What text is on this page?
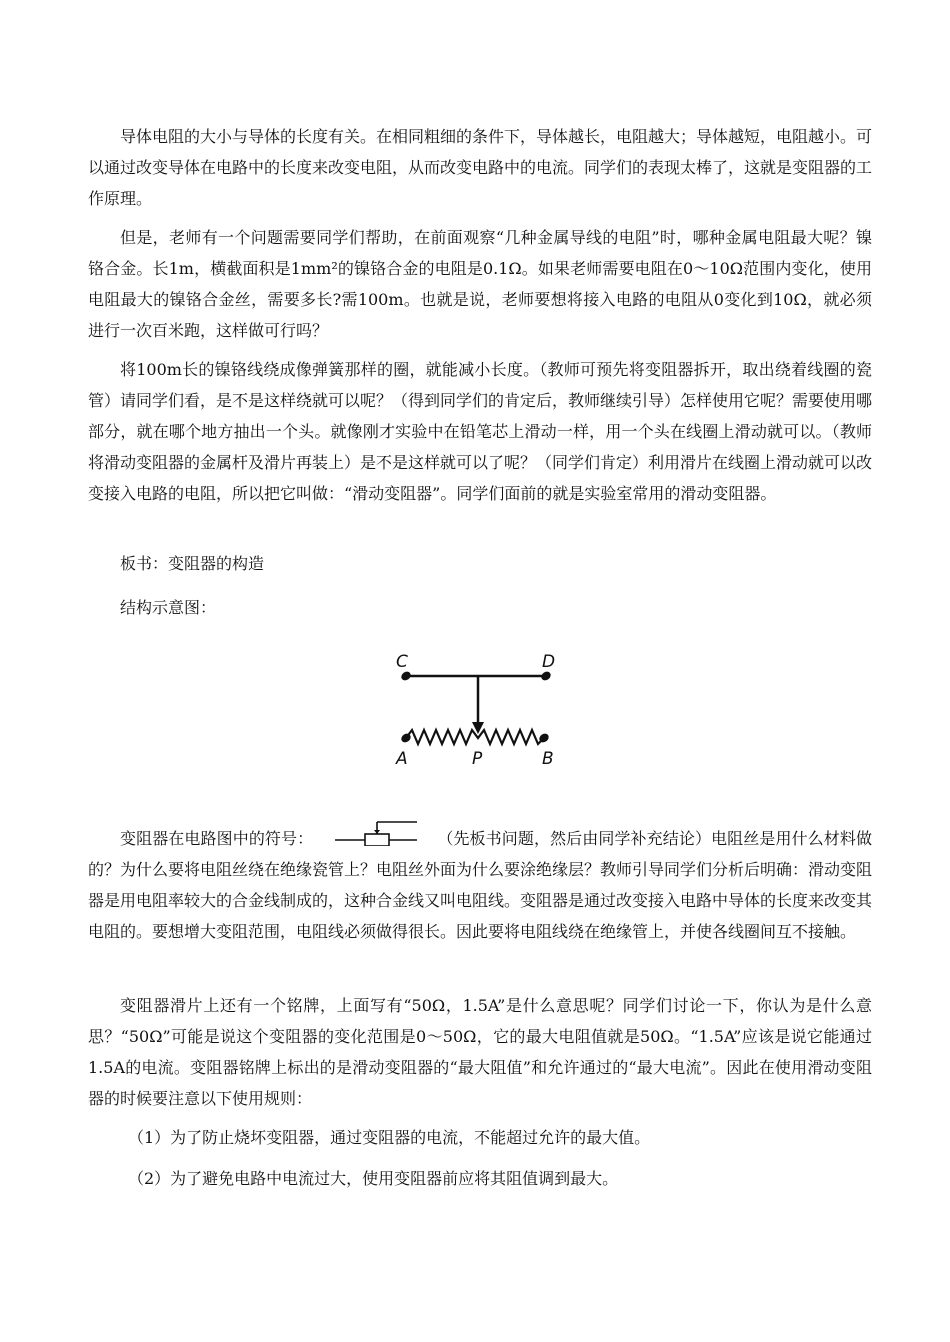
导体电阻的大小与导体的长度有关。在相同粗细的条件下，导体越长，电阻越大；导体越短，电阻越小。可以通过改变导体在电路中的长度来改变电阻，从而改变电路中的电流。同学们的表现太棒了，这就是变阻器的工作原理。

但是，老师有一个问题需要同学们帮助，在前面观察“几种金属导线的电阻”时，哪种金属电阻最大呢？镍铬合金。长1m，横截面积是1mm²的镍铬合金的电阻是0.1Ω。如果老师需要电阻在0～10Ω范围内变化，使用电阻最大的镍铬合金丝，需要多长?需100m。也就是说，老师要想将接入电路的电阻从0变化到10Ω，就必须进行一次百米跑，这样做可行吗？

将100m长的镍铬线绕成像弹簧那样的圈，就能减小长度。（教师可预先将变阻器拆开，取出绕着线圈的瓷管）请同学们看，是不是这样绕就可以呢？（得到同学们的肯定后，教师继续引导）怎样使用它呢？需要使用哪部分，就在哪个地方抽出一个头。就像刚才实验中在铅笔芯上滑动一样，用一个头在线圈上滑动就可以。（教师将滑动变阻器的金属杆及滑片再装上）是不是这样就可以了呢？（同学们肯定）利用滑片在线圈上滑动就可以改变接入电路的电阻，所以把它叫做：“滑动变阻器”。同学们面前的就是实验室常用的滑动变阻器。

板书：变阻器的构造

结构示意图：

C	D
A	P	B

变阻器在电路图中的符号：	（先板书问题，然后由同学补充结论）电阻丝是用什么材料做的？为什么要将电阻丝绕在绝缘瓷管上？电阻丝外面为什么要涂绝缘层？教师引导同学们分析后明确：滑动变阻器是用电阻率较大的合金线制成的，这种合金线又叫电阻线。变阻器是通过改变接入电路中导体的长度来改变其电阻的。要想增大变阻范围，电阻线必须做得很长。因此要将电阻线绕在绝缘管上，并使各线圈间互不接触。

变阻器滑片上还有一个铭牌，上面写有“50Ω，1.5A”是什么意思呢？同学们讨论一下，你认为是什么意思？“50Ω”可能是说这个变阻器的变化范围是0～50Ω，它的最大电阻值就是50Ω。“1.5A”应该是说它能通过1.5A的电流。变阻器铭牌上标出的是滑动变阻器的“最大阻值”和允许通过的“最大电流”。因此在使用滑动变阻器的时候要注意以下使用规则：

（1）为了防止烧坏变阻器，通过变阻器的电流，不能超过允许的最大值。

（2）为了避免电路中电流过大，使用变阻器前应将其阻值调到最大。
